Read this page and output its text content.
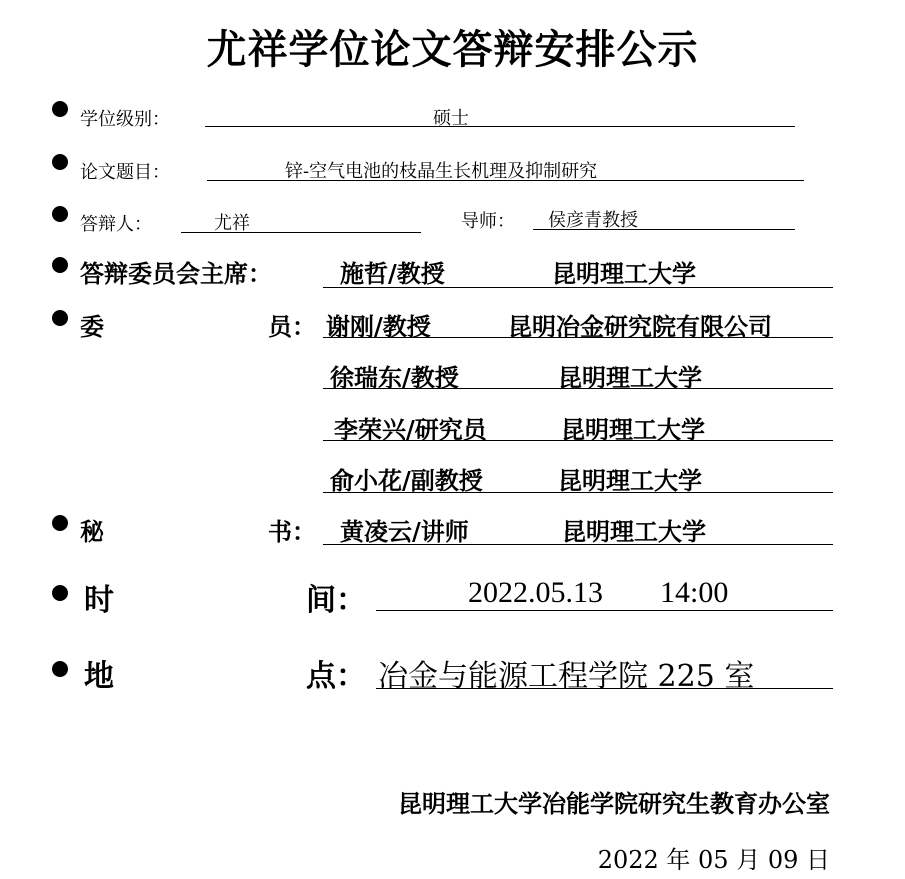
尤祥学位论文答辩安排公示
学位级别：	硕士
论文题目：	锌-空气电池的枝晶生长机理及抑制研究
答辩人：	尤祥	导师： 侯彦青教授
答辩委员会主席：	施哲/教授	昆明理工大学
委	员： 谢刚/教授	昆明冶金研究院有限公司
徐瑞东/教授	昆明理工大学
李荣兴/研究员	昆明理工大学
俞小花/副教授	昆明理工大学
秘	书： 黄凌云/讲师	昆明理工大学
时	间：	2022.05.13 14:00
地	点： 冶金与能源工程学院 225 室
昆明理工大学冶能学院研究生教育办公室
2022 年 05 月 09 日
